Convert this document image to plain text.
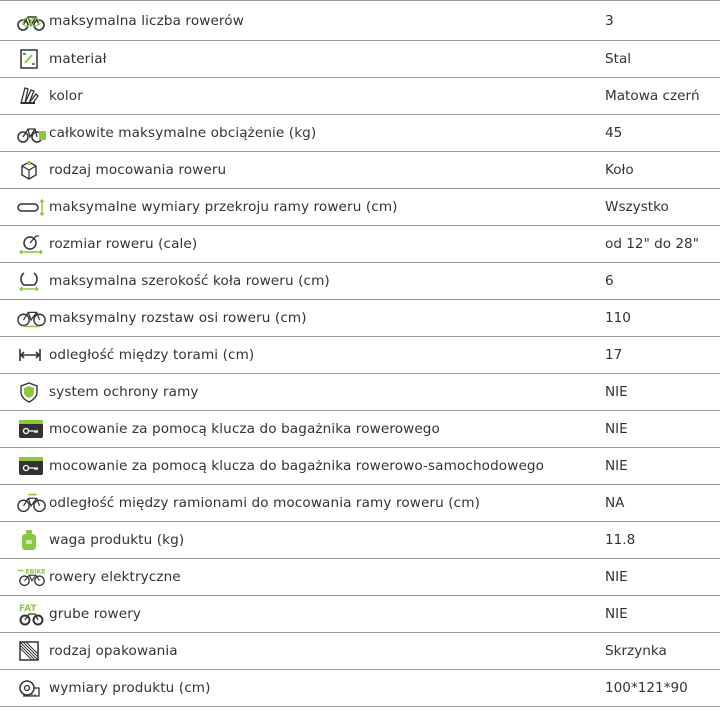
maksymalna liczba rowerów	3
materiał	Stal
kolor	Matowa czerń
całkowite maksymalne obciążenie (kg)	45
rodzaj mocowania roweru	Koło
maksymalne wymiary przekroju ramy roweru (cm)	Wszystko
rozmiar roweru (cale)	od 12" do 28"
maksymalna szerokość koła roweru (cm)	6
maksymalny rozstaw osi roweru (cm)	110
odległość między torami (cm)	17
system ochrony ramy	NIE
mocowanie za pomocą klucza do bagażnika rowerowego	NIE
mocowanie za pomocą klucza do bagażnika rowerowo-samochodowego	NIE
odległość między ramionami do mocowania ramy roweru (cm)	NA
waga produktu (kg)	11.8
EBIKE rowery elektryczne	NIE
FAT grube rowery	NIE
rodzaj opakowania	Skrzynka
wymiary produktu (cm)	100*121*90
